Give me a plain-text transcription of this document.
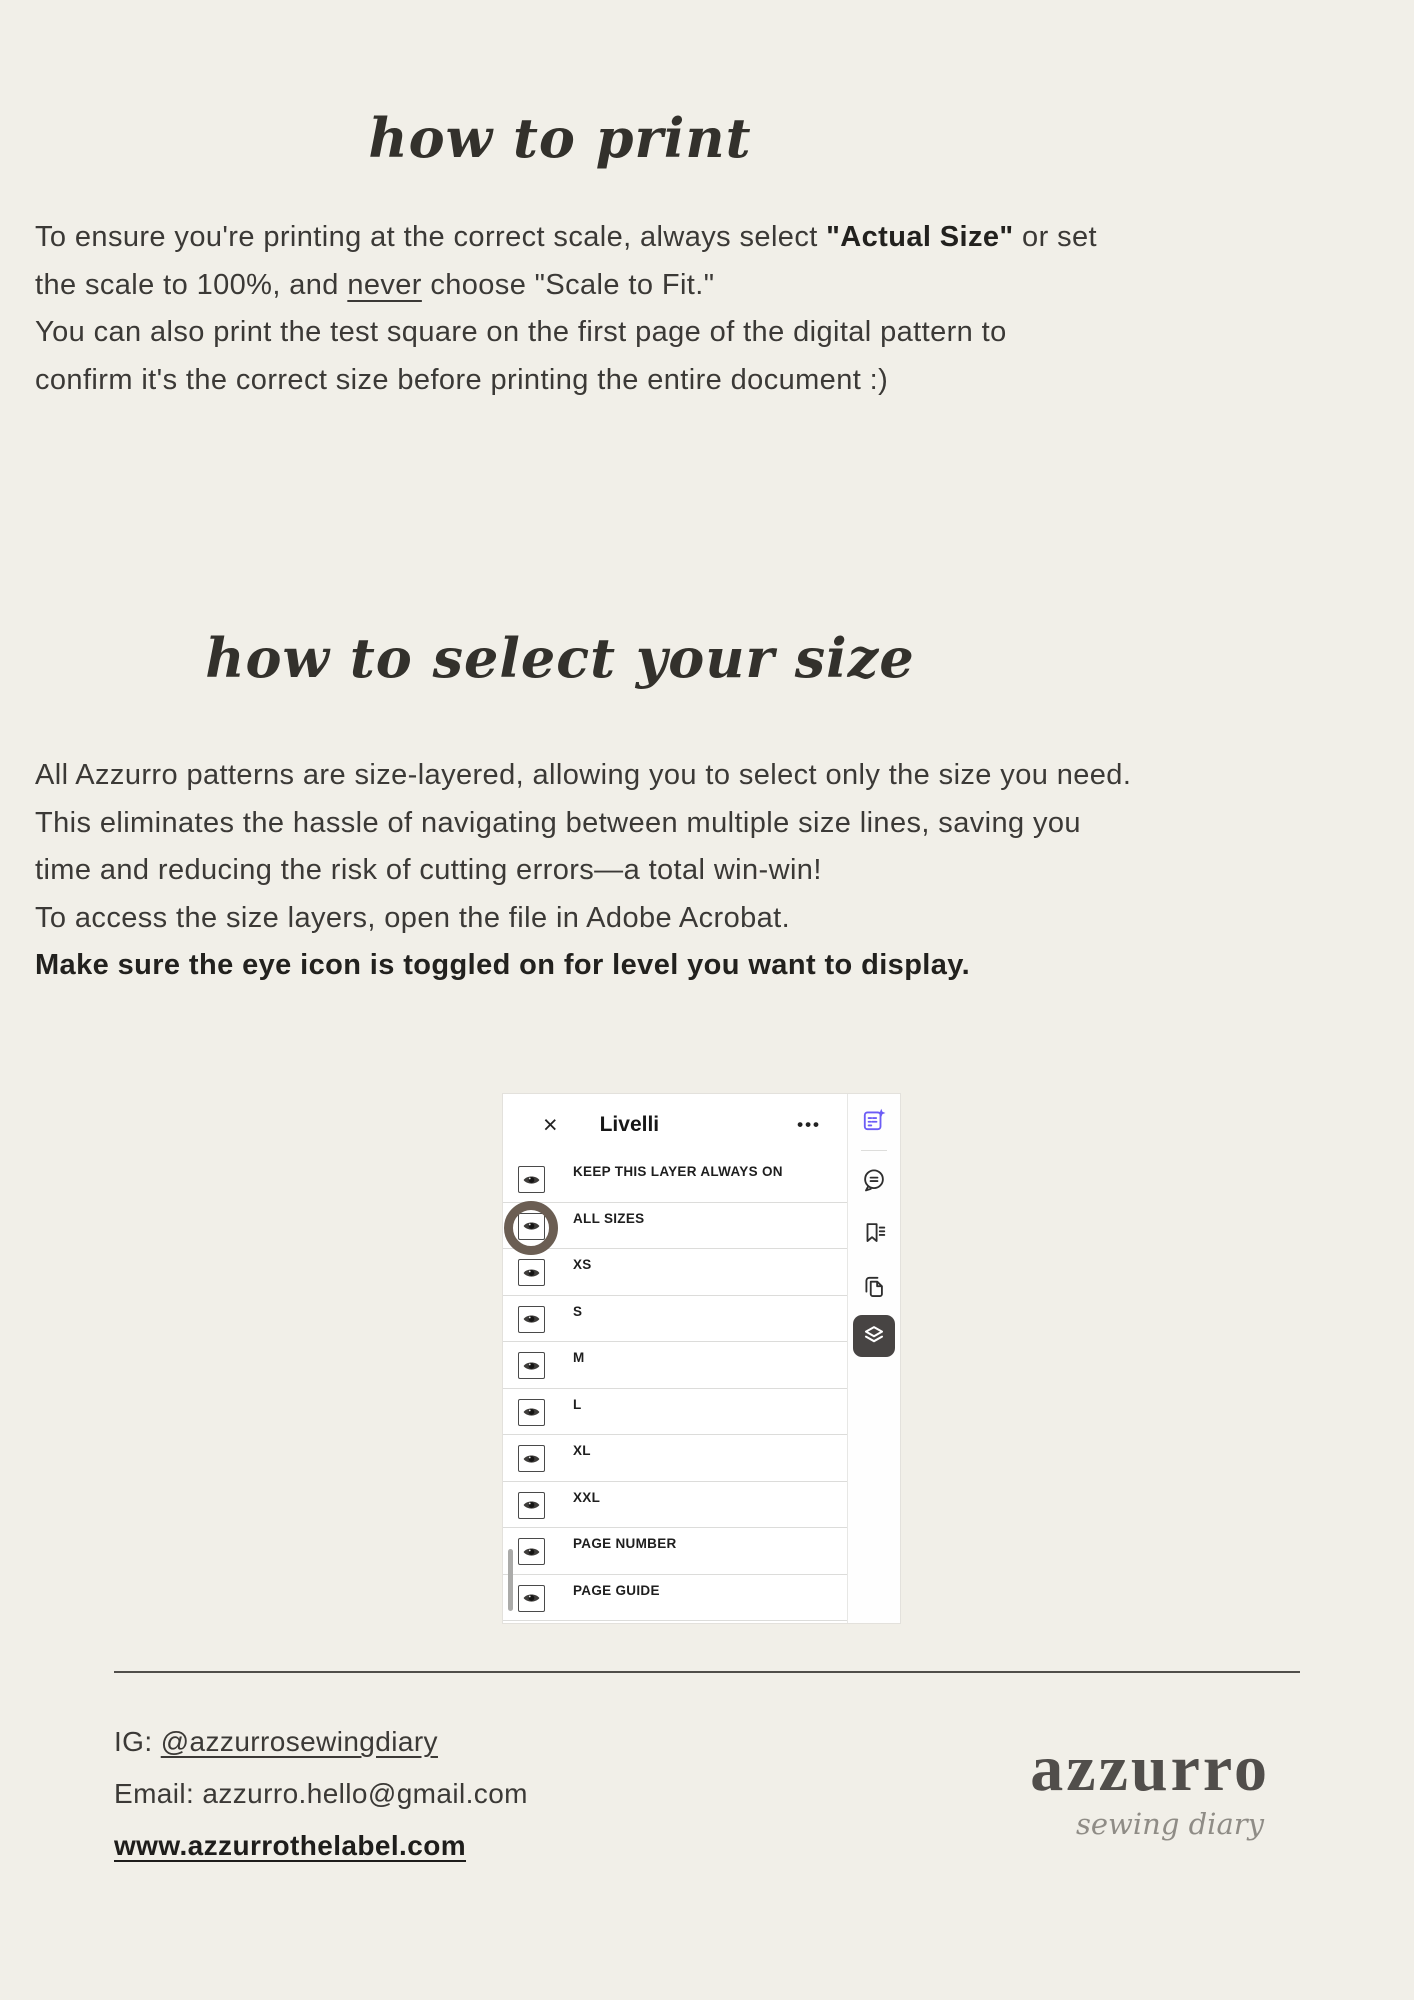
how to print

To ensure you're printing at the correct scale, always select "Actual Size" or set
the scale to 100%, and never choose "Scale to Fit."
You can also print the test square on the first page of the digital pattern to
confirm it's the correct size before printing the entire document :)

how to select your size

All Azzurro patterns are size-layered, allowing you to select only the size you need.
This eliminates the hassle of navigating between multiple size lines, saving you
time and reducing the risk of cutting errors—a total win-win!
To access the size layers, open the file in Adobe Acrobat.
Make sure the eye icon is toggled on for level you want to display.

× Livelli	•••
KEEP THIS LAYER ALWAYS ON
ALL SIZES
XS
S
M
L
XL
XXL
PAGE NUMBER
PAGE GUIDE
IG: @azzurrosewingdiary
Email: azzurro.hello@gmail.com
www.azzurrothelabel.com
azzurro
sewing diary
